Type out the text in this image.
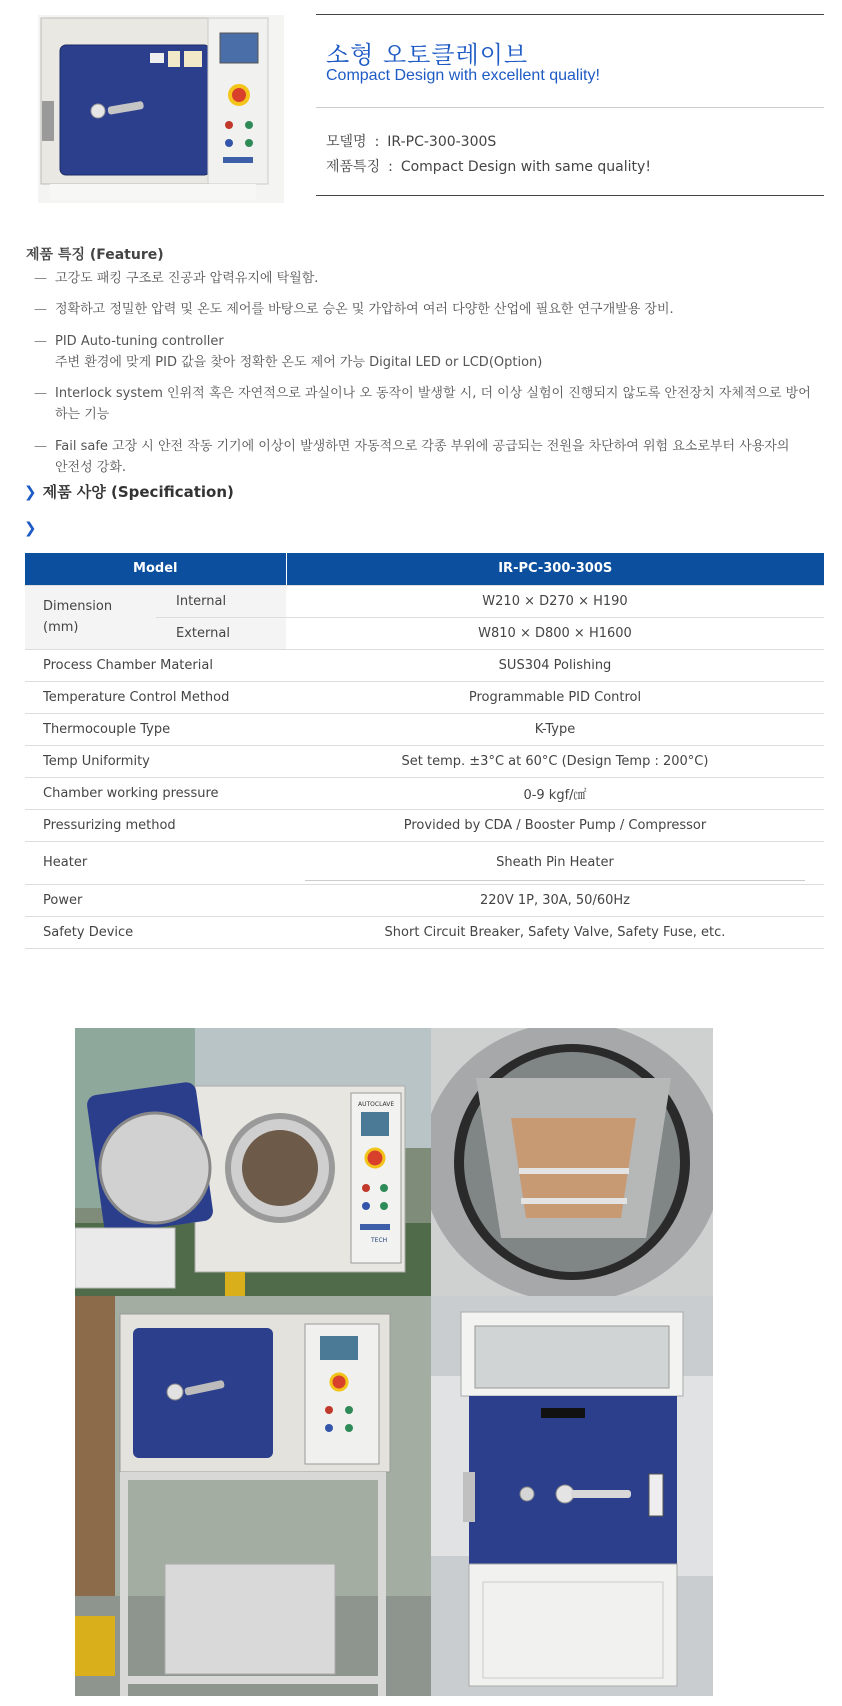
소형 오토클레이브
Compact Design with excellent quality!
모델명 : IR-PC-300-300S
제품특징 : Compact Design with same quality!
제품 특징 (Feature)
— 고강도 패킹 구조로 진공과 압력유지에 탁월함.
— 정확하고 정밀한 압력 및 온도 제어를 바탕으로 승온 및 가압하여 여러 다양한 산업에 필요한 연구개발용 장비.
— PID Auto-tuning controller
주변 환경에 맞게 PID 값을 찾아 정확한 온도 제어 가능 Digital LED or LCD(Option)
— Interlock system 인위적 혹은 자연적으로 과실이나 오 동작이 발생할 시, 더 이상 실험이 진행되지 않도록 안전장치 자체적으로 방어
하는 기능
— Fail safe 고장 시 안전 작동 기기에 이상이 발생하면 자동적으로 각종 부위에 공급되는 전원을 차단하여 위험 요소로부터 사용자의
안전성 강화.
❯ 제품 사양 (Specification)
❯
Model		IR-PC-300-300S
Dimension
(mm)	Internal	W210 × D270 × H190
	External	W810 × D800 × H1600
Process Chamber Material		SUS304 Polishing
Temperature Control Method		Programmable PID Control
Thermocouple Type		K-Type
Temp Uniformity		Set temp. ±3°C at 60°C (Design Temp : 200°C)
Chamber working pressure		0-9 kgf/㎠
Pressurizing method		Provided by CDA / Booster Pump / Compressor
Heater		Sheath Pin Heater
Power		220V 1P, 30A, 50/60Hz
Safety Device		Short Circuit Breaker, Safety Valve, Safety Fuse, etc.
AUTOCLAVE
TECH
